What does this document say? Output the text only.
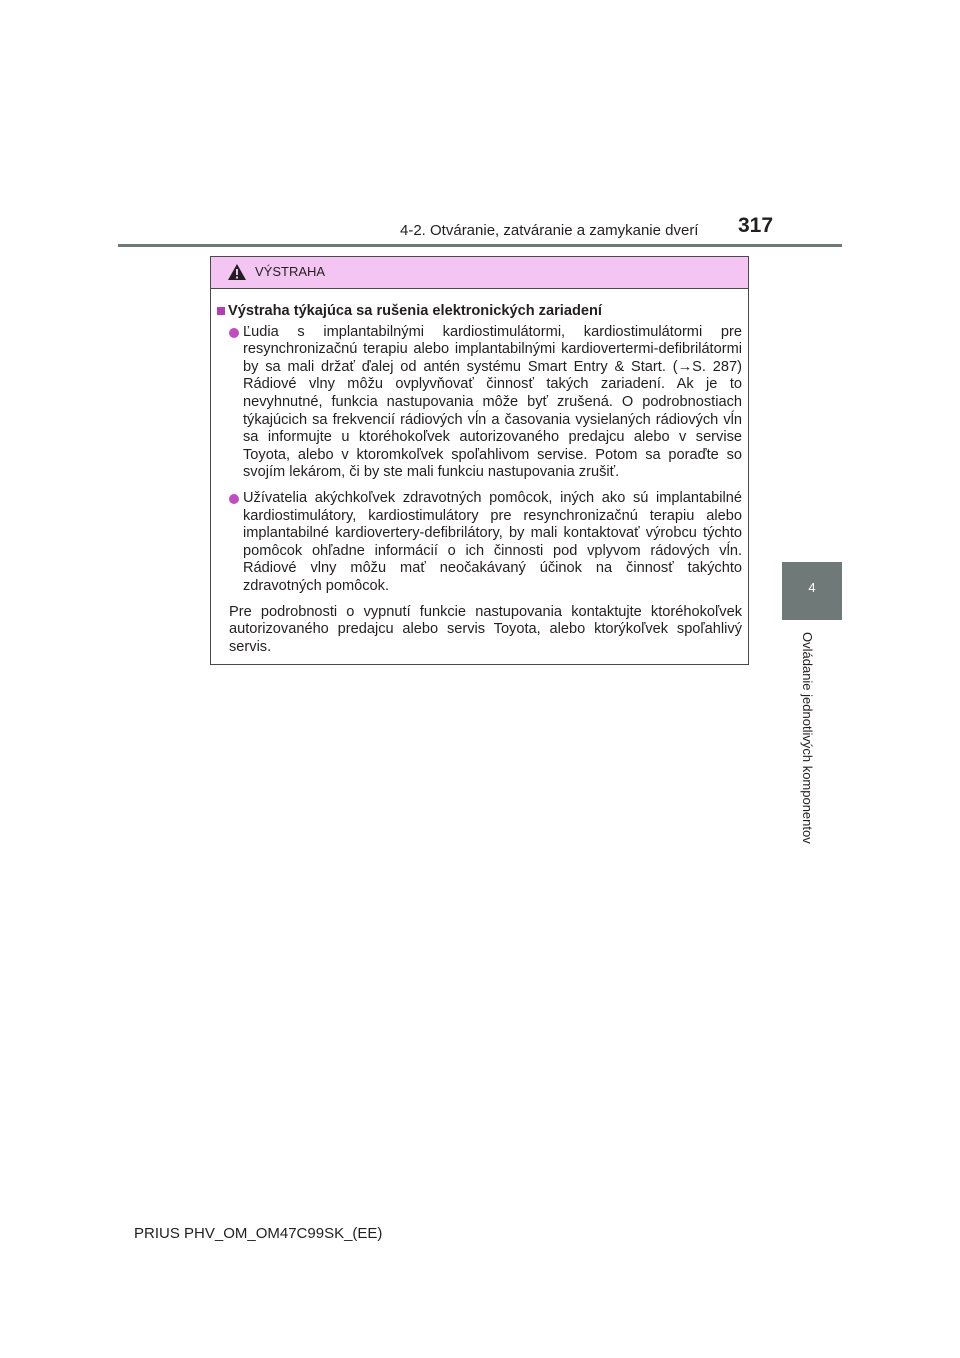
4-2. Otváranie, zatváranie a zamykanie dverí 317
4
Ovládanie jednotlivých komponentov
VÝSTRAHA
Výstraha týkajúca sa rušenia elektronických zariadení
Ľudia s implantabilnými kardiostimulátormi, kardiostimulátormi pre resynchronizačnú terapiu alebo implantabilnými kardiovertermi-defibrilátormi by sa mali držať ďalej od antén systému Smart Entry & Start. (→S. 287) Rádiové vlny môžu ovplyvňovať činnosť takých zariadení. Ak je to nevyhnutné, funkcia nastupovania môže byť zrušená. O podrobnostiach týkajúcich sa frekvencií rádiových vĺn a časovania vysielaných rádiových vĺn sa informujte u ktoréhokoľvek autorizovaného predajcu alebo v servise Toyota, alebo v ktoromkoľvek spoľahlivom servise. Potom sa poraďte so svojím lekárom, či by ste mali funkciu nastupovania zrušiť.
Užívatelia akýchkoľvek zdravotných pomôcok, iných ako sú implantabilné kardiostimulátory, kardiostimulátory pre resynchronizačnú terapiu alebo implantabilné kardiovertery-defibrilátory, by mali kontaktovať výrobcu týchto pomôcok ohľadne informácií o ich činnosti pod vplyvom rádových vĺn. Rádiové vlny môžu mať neočakávaný účinok na činnosť takýchto zdravotných pomôcok.
Pre podrobnosti o vypnutí funkcie nastupovania kontaktujte ktoréhokoľvek autorizovaného predajcu alebo servis Toyota, alebo ktorýkoľvek spoľahlivý servis.
PRIUS PHV_OM_OM47C99SK_(EE)
